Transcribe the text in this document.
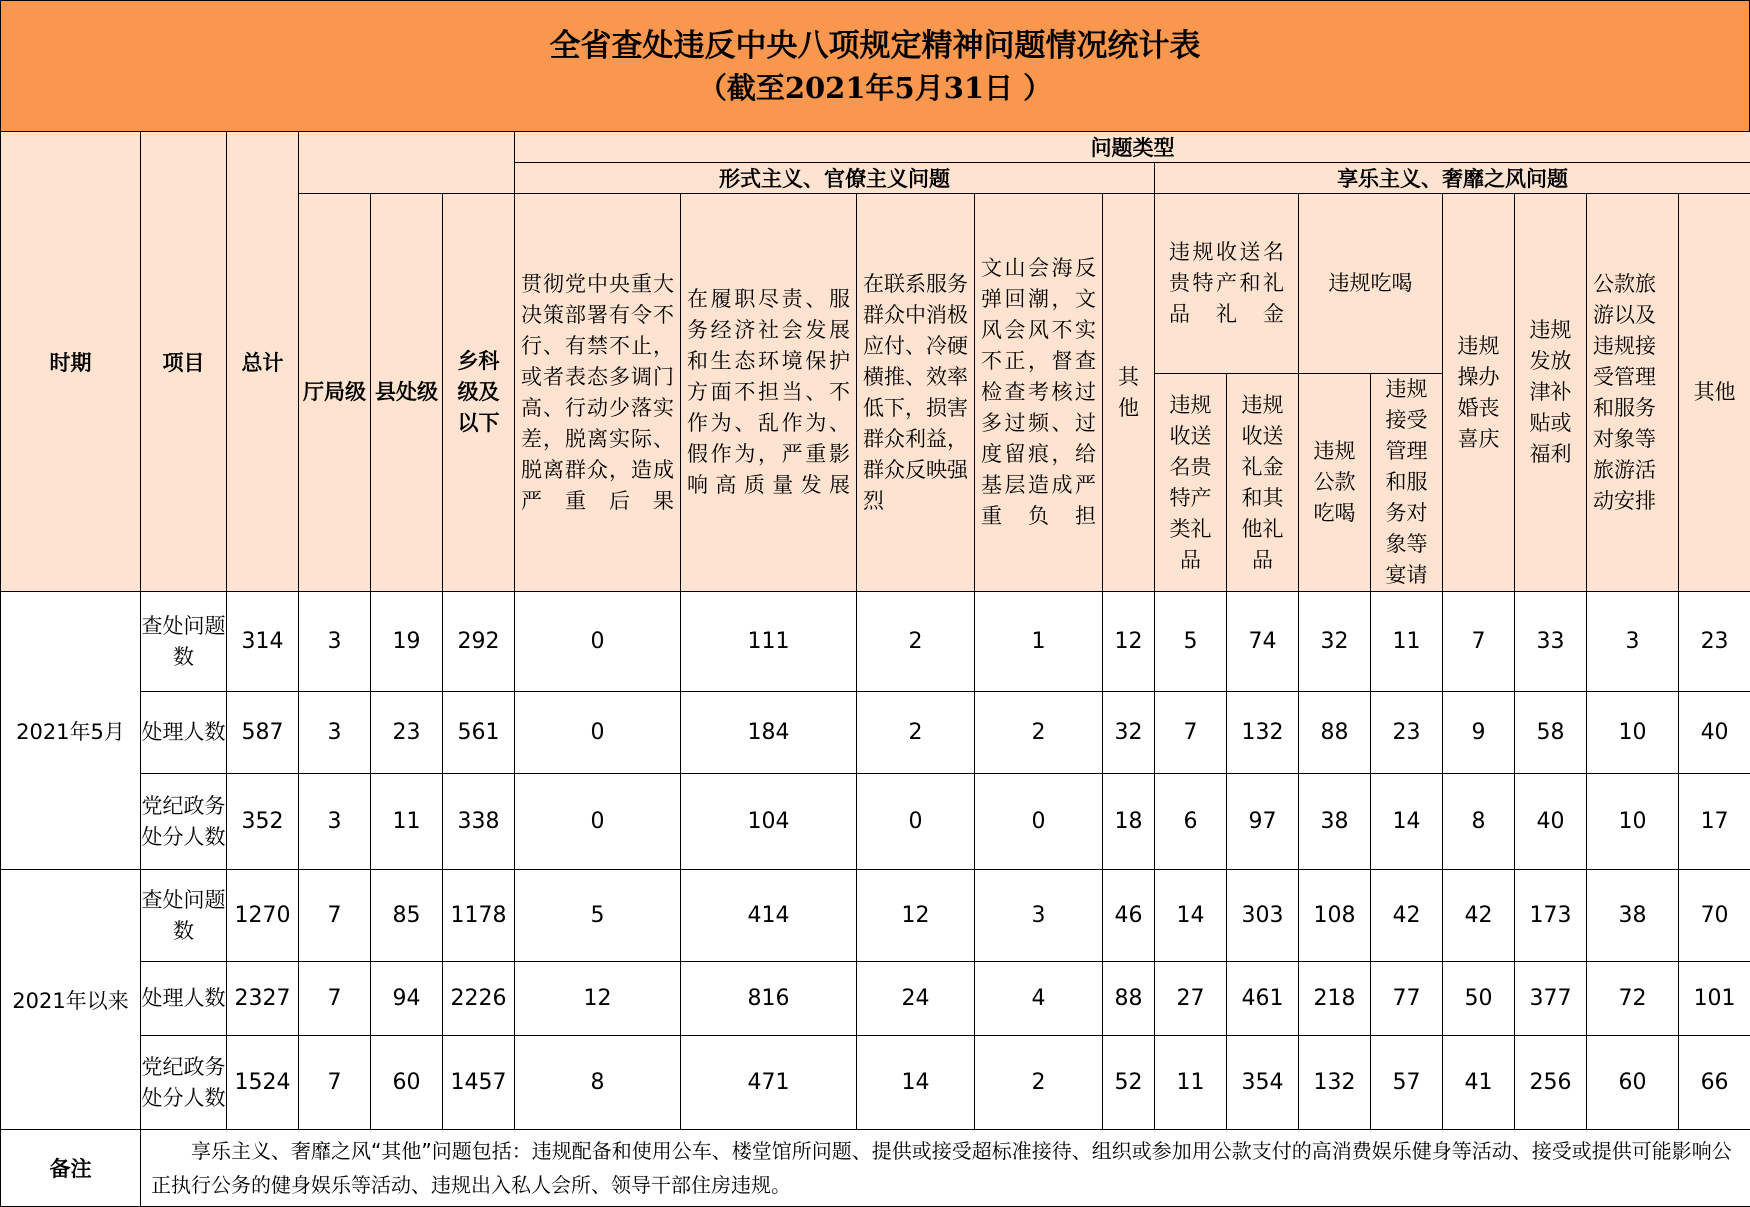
全省查处违反中央八项规定精神问题情况统计表
（截至2021年5月31日 ）
时期	项目	总计				问题类型												
						形式主义、官僚主义问题					享乐主义、奢靡之风问题							
			厅局级	县处级	乡科级及以下	贯彻党中央重大决策部署有令不行、有禁不止，或者表态多调门高、行动少落实差，脱离实际、脱离群众，造成严重后果	在履职尽责、服务经济社会发展和生态环境保护方面不担当、不作为、乱作为、假作为，严重影响高质量发展	在联系服务群众中消极应付、冷硬横推、效率低下，损害群众利益，群众反映强烈	文山会海反弹回潮，文风会风不实不正，督查检查考核过多过频、过度留痕，给基层造成严重负担	其他	违规收送名贵特产和礼品礼金		违规吃喝		违规操办婚丧喜庆	违规发放津补贴或福利	公款旅游以及违规接受管理和服务对象等旅游活动安排	其他
											违规收送名贵特产类礼品	违规收送礼金和其他礼品	违规公款吃喝	违规接受管理和服务对象等宴请				

2021年5月	查处问题数	314	3	19	292	0	111	2	1	12	5	74	32	11	7	33	3	23
	处理人数	587	3	23	561	0	184	2	2	32	7	132	88	23	9	58	10	40
	党纪政务处分人数	352	3	11	338	0	104	0	0	18	6	97	38	14	8	40	10	17
2021年以来	查处问题数	1270	7	85	1178	5	414	12	3	46	14	303	108	42	42	173	38	70
	处理人数	2327	7	94	2226	12	816	24	4	88	27	461	218	77	50	377	72	101
	党纪政务处分人数	1524	7	60	1457	8	471	14	2	52	11	354	132	57	41	256	60	66
备注	享乐主义、奢靡之风“其他”问题包括：违规配备和使用公车、楼堂馆所问题、提供或接受超标准接待、组织或参加用公款支付的高消费娱乐健身等活动、接受或提供可能影响公正执行公务的健身娱乐等活动、违规出入私人会所、领导干部住房违规。																	
